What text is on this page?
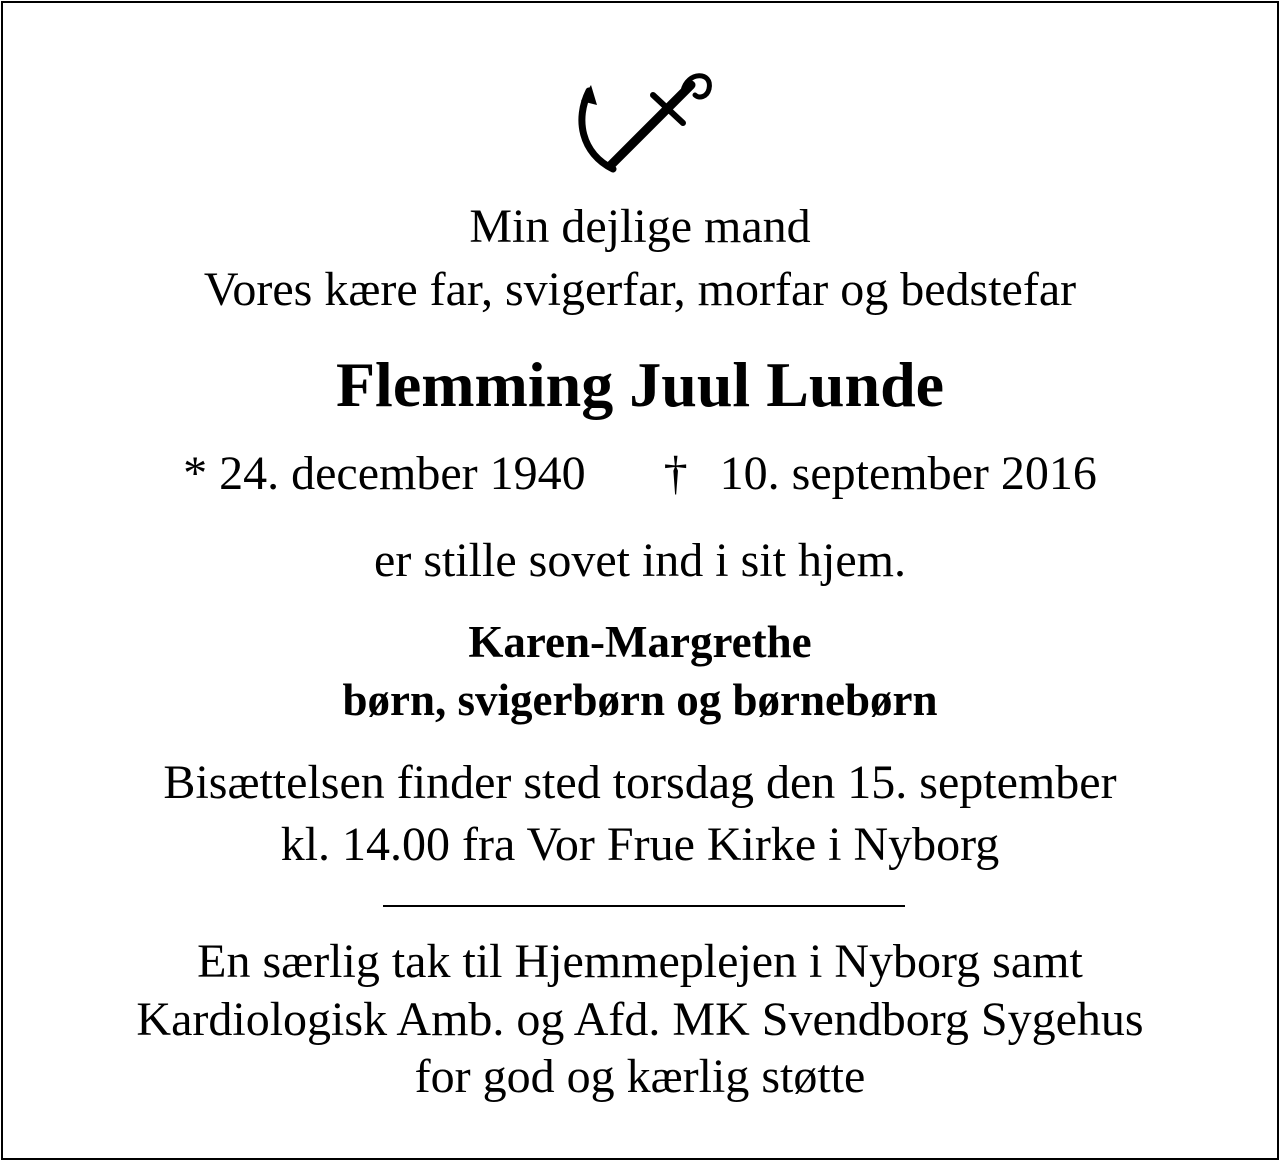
Min dejlige mand
Vores kære far, svigerfar, morfar og bedstefar
Flemming Juul Lunde
* 24. december 1940 † 10. september 2016
er stille sovet ind i sit hjem.
Karen-Margrethe
børn, svigerbørn og børnebørn
Bisættelsen finder sted torsdag den 15. september
kl. 14.00 fra Vor Frue Kirke i Nyborg
En særlig tak til Hjemmeplejen i Nyborg samt
Kardiologisk Amb. og Afd. MK Svendborg Sygehus
for god og kærlig støtte
